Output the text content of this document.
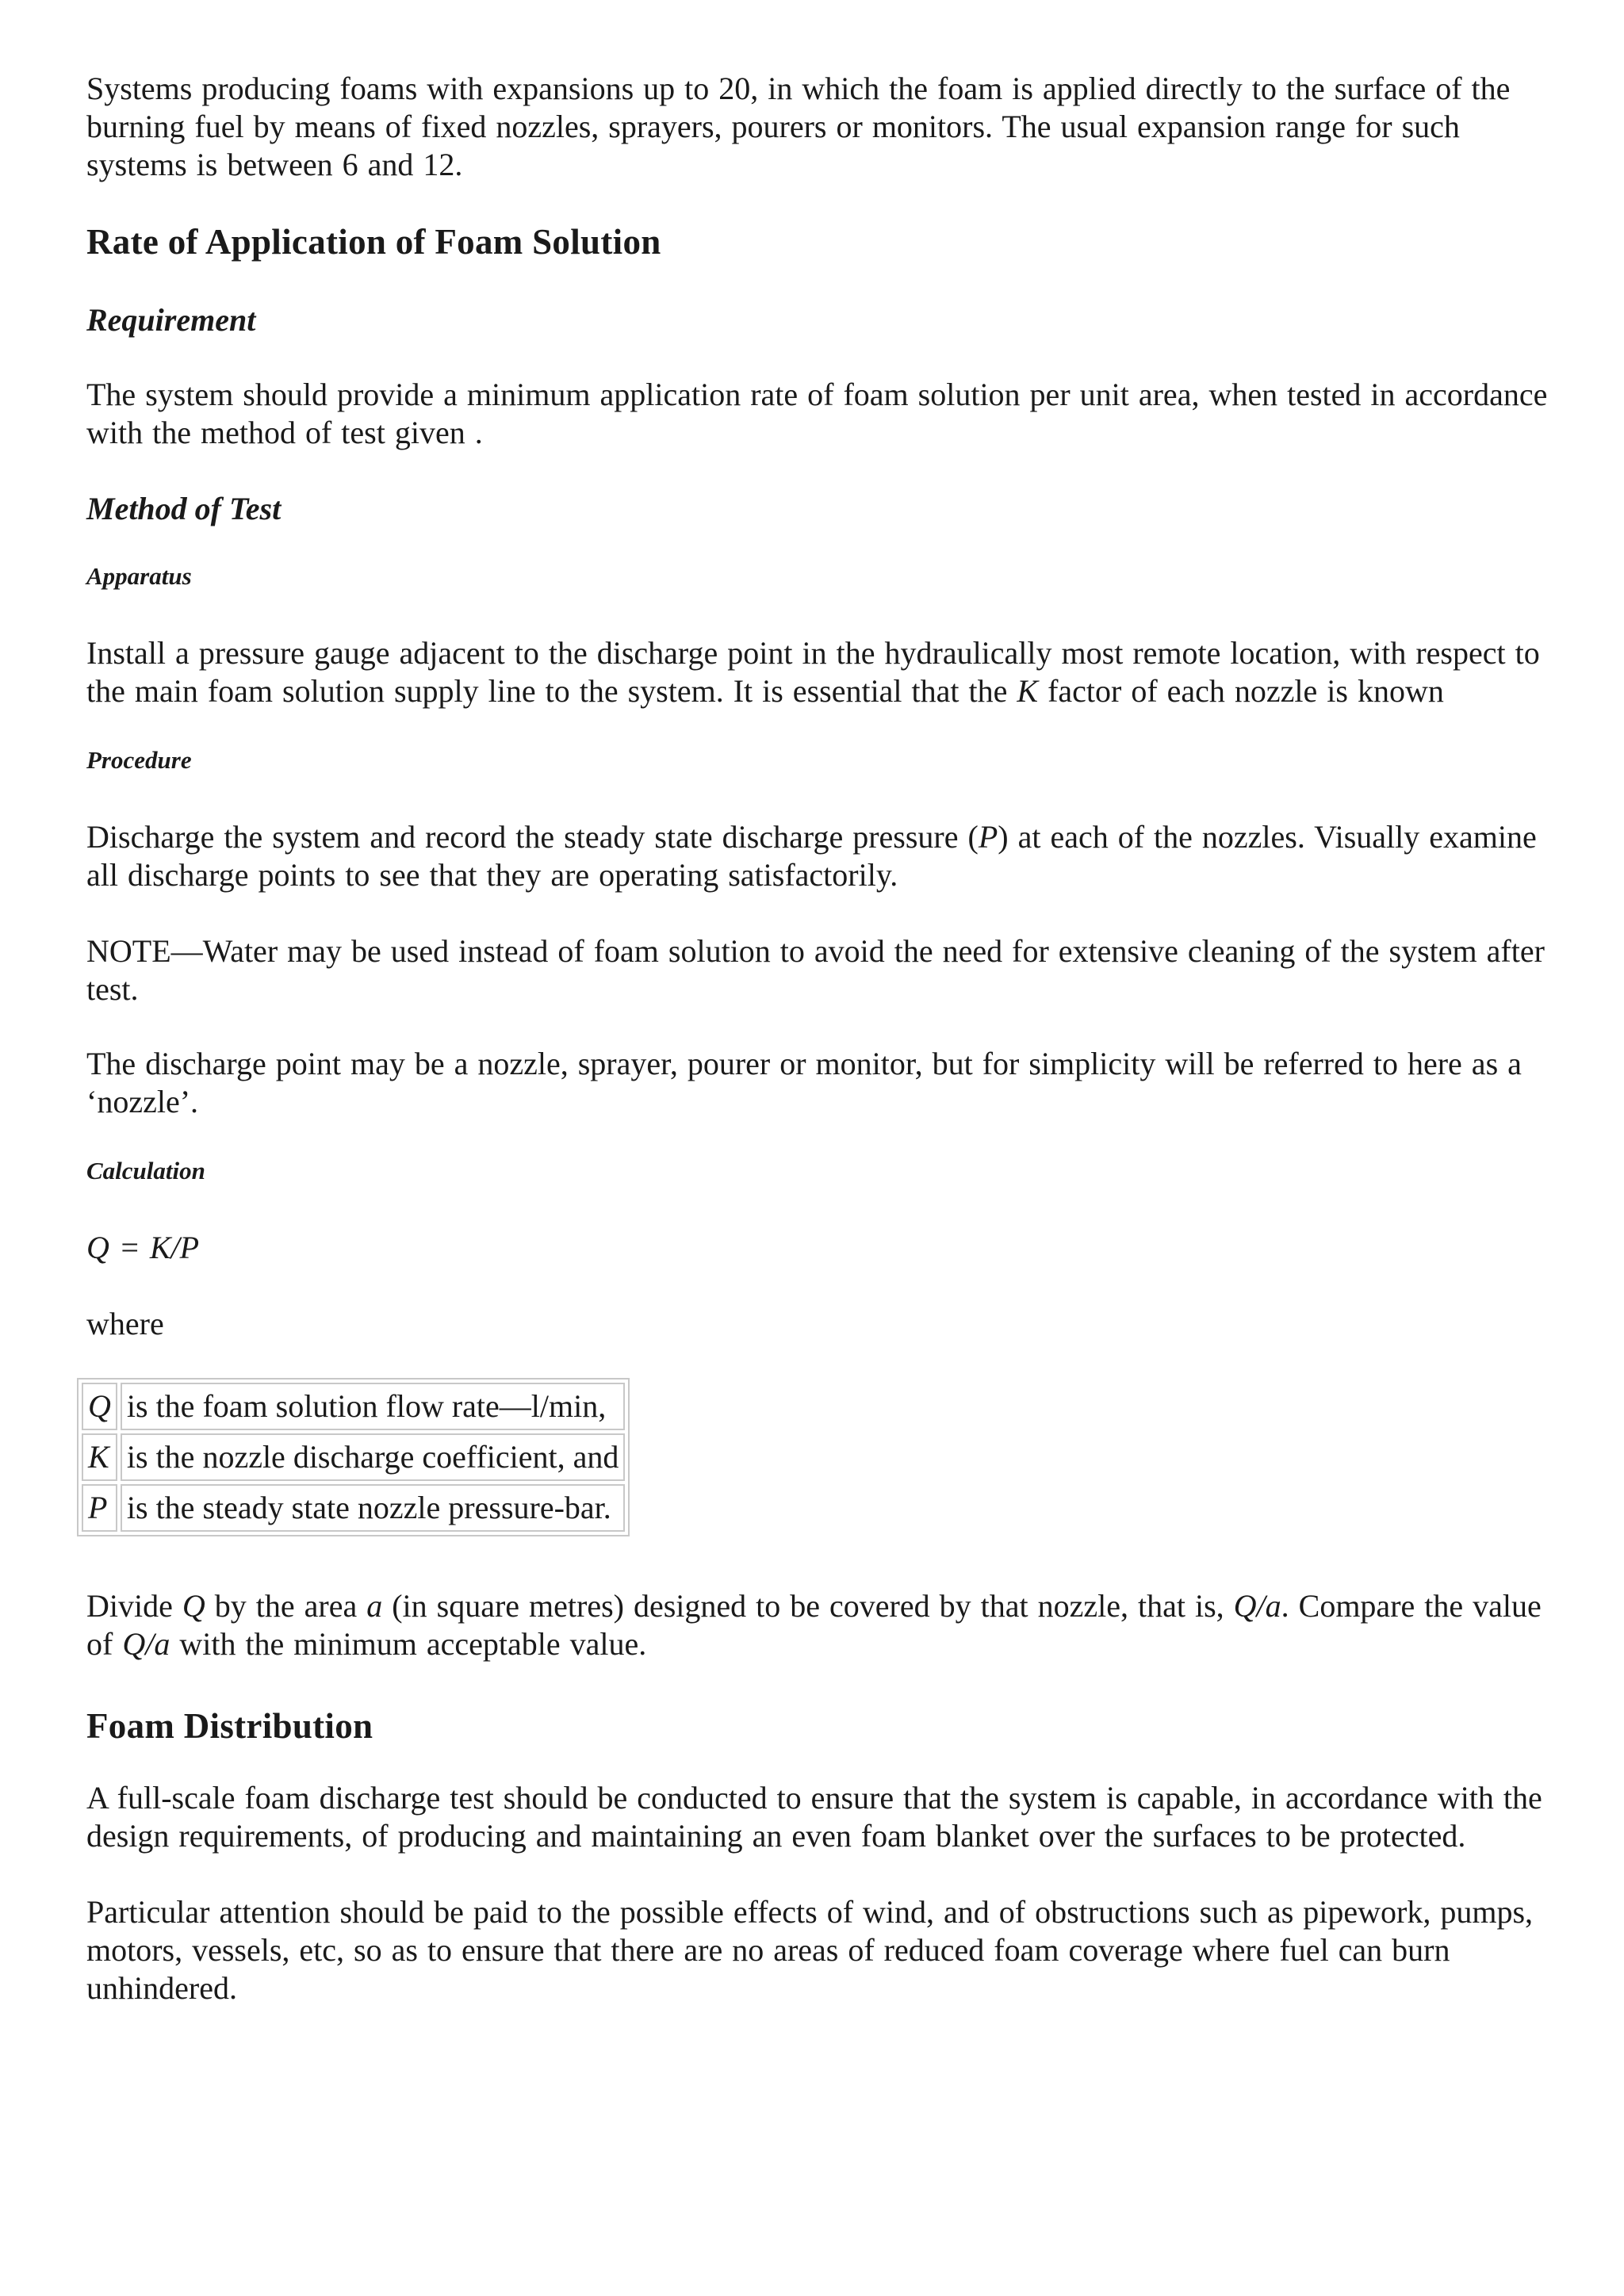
Systems producing foams with expansions up to 20, in which the foam is applied directly to the surface of the burning fuel by means of fixed nozzles, sprayers, pourers or monitors. The usual expansion range for such systems is between 6 and 12.

Rate of Application of Foam Solution
Requirement

The system should provide a minimum application rate of foam solution per unit area, when tested in accordance with the method of test given .

Method of Test
Apparatus

Install a pressure gauge adjacent to the discharge point in the hydraulically most remote location, with respect to the main foam solution supply line to the system. It is essential that the K factor of each nozzle is known

Procedure

Discharge the system and record the steady state discharge pressure (P) at each of the nozzles. Visually examine all discharge points to see that they are operating satisfactorily.

NOTE—Water may be used instead of foam solution to avoid the need for extensive cleaning of the system after test.

The discharge point may be a nozzle, sprayer, pourer or monitor, but for simplicity will be referred to here as a ‘nozzle’.

Calculation

Q = K/P

where

Q	is the foam solution flow rate—l/min,
K	is the nozzle discharge coefficient, and
P	is the steady state nozzle pressure-bar.

Divide Q by the area a (in square metres) designed to be covered by that nozzle, that is, Q/a. Compare the value of Q/a with the minimum acceptable value.

Foam Distribution

A full-scale foam discharge test should be conducted to ensure that the system is capable, in accordance with the design requirements, of producing and maintaining an even foam blanket over the surfaces to be protected.

Particular attention should be paid to the possible effects of wind, and of obstructions such as pipework, pumps, motors, vessels, etc, so as to ensure that there are no areas of reduced foam coverage where fuel can burn unhindered.
